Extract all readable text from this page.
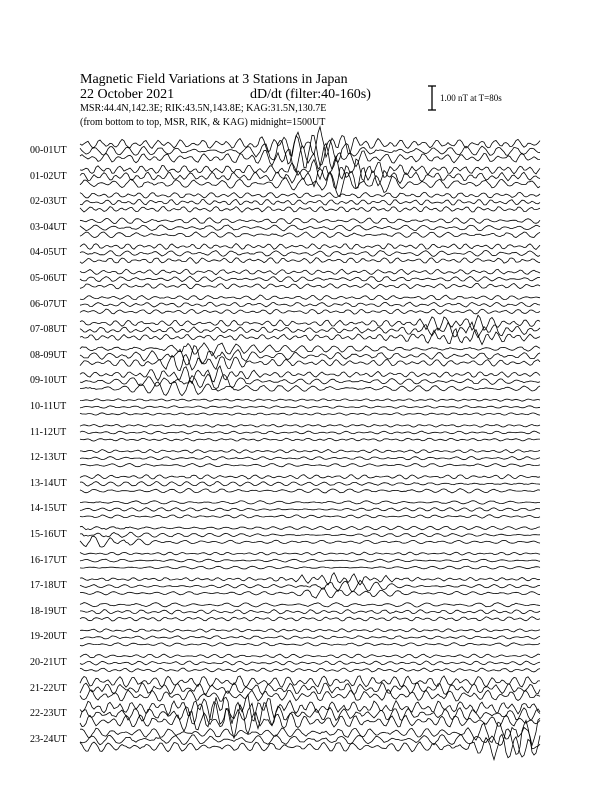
Magnetic Field Variations at 3 Stations in Japan
22 October 2021	dD/dt (filter:40-160s)
MSR:44.4N,142.3E; RIK:43.5N,143.8E; KAG:31.5N,130.7E
(from bottom to top, MSR, RIK, & KAG) midnight=1500UT
1.00 nT at T=80s
00-01UT
01-02UT
02-03UT
03-04UT
04-05UT
05-06UT
06-07UT
07-08UT
08-09UT
09-10UT
10-11UT
11-12UT
12-13UT
13-14UT
14-15UT
15-16UT
16-17UT
17-18UT
18-19UT
19-20UT
20-21UT
21-22UT
22-23UT
23-24UT
